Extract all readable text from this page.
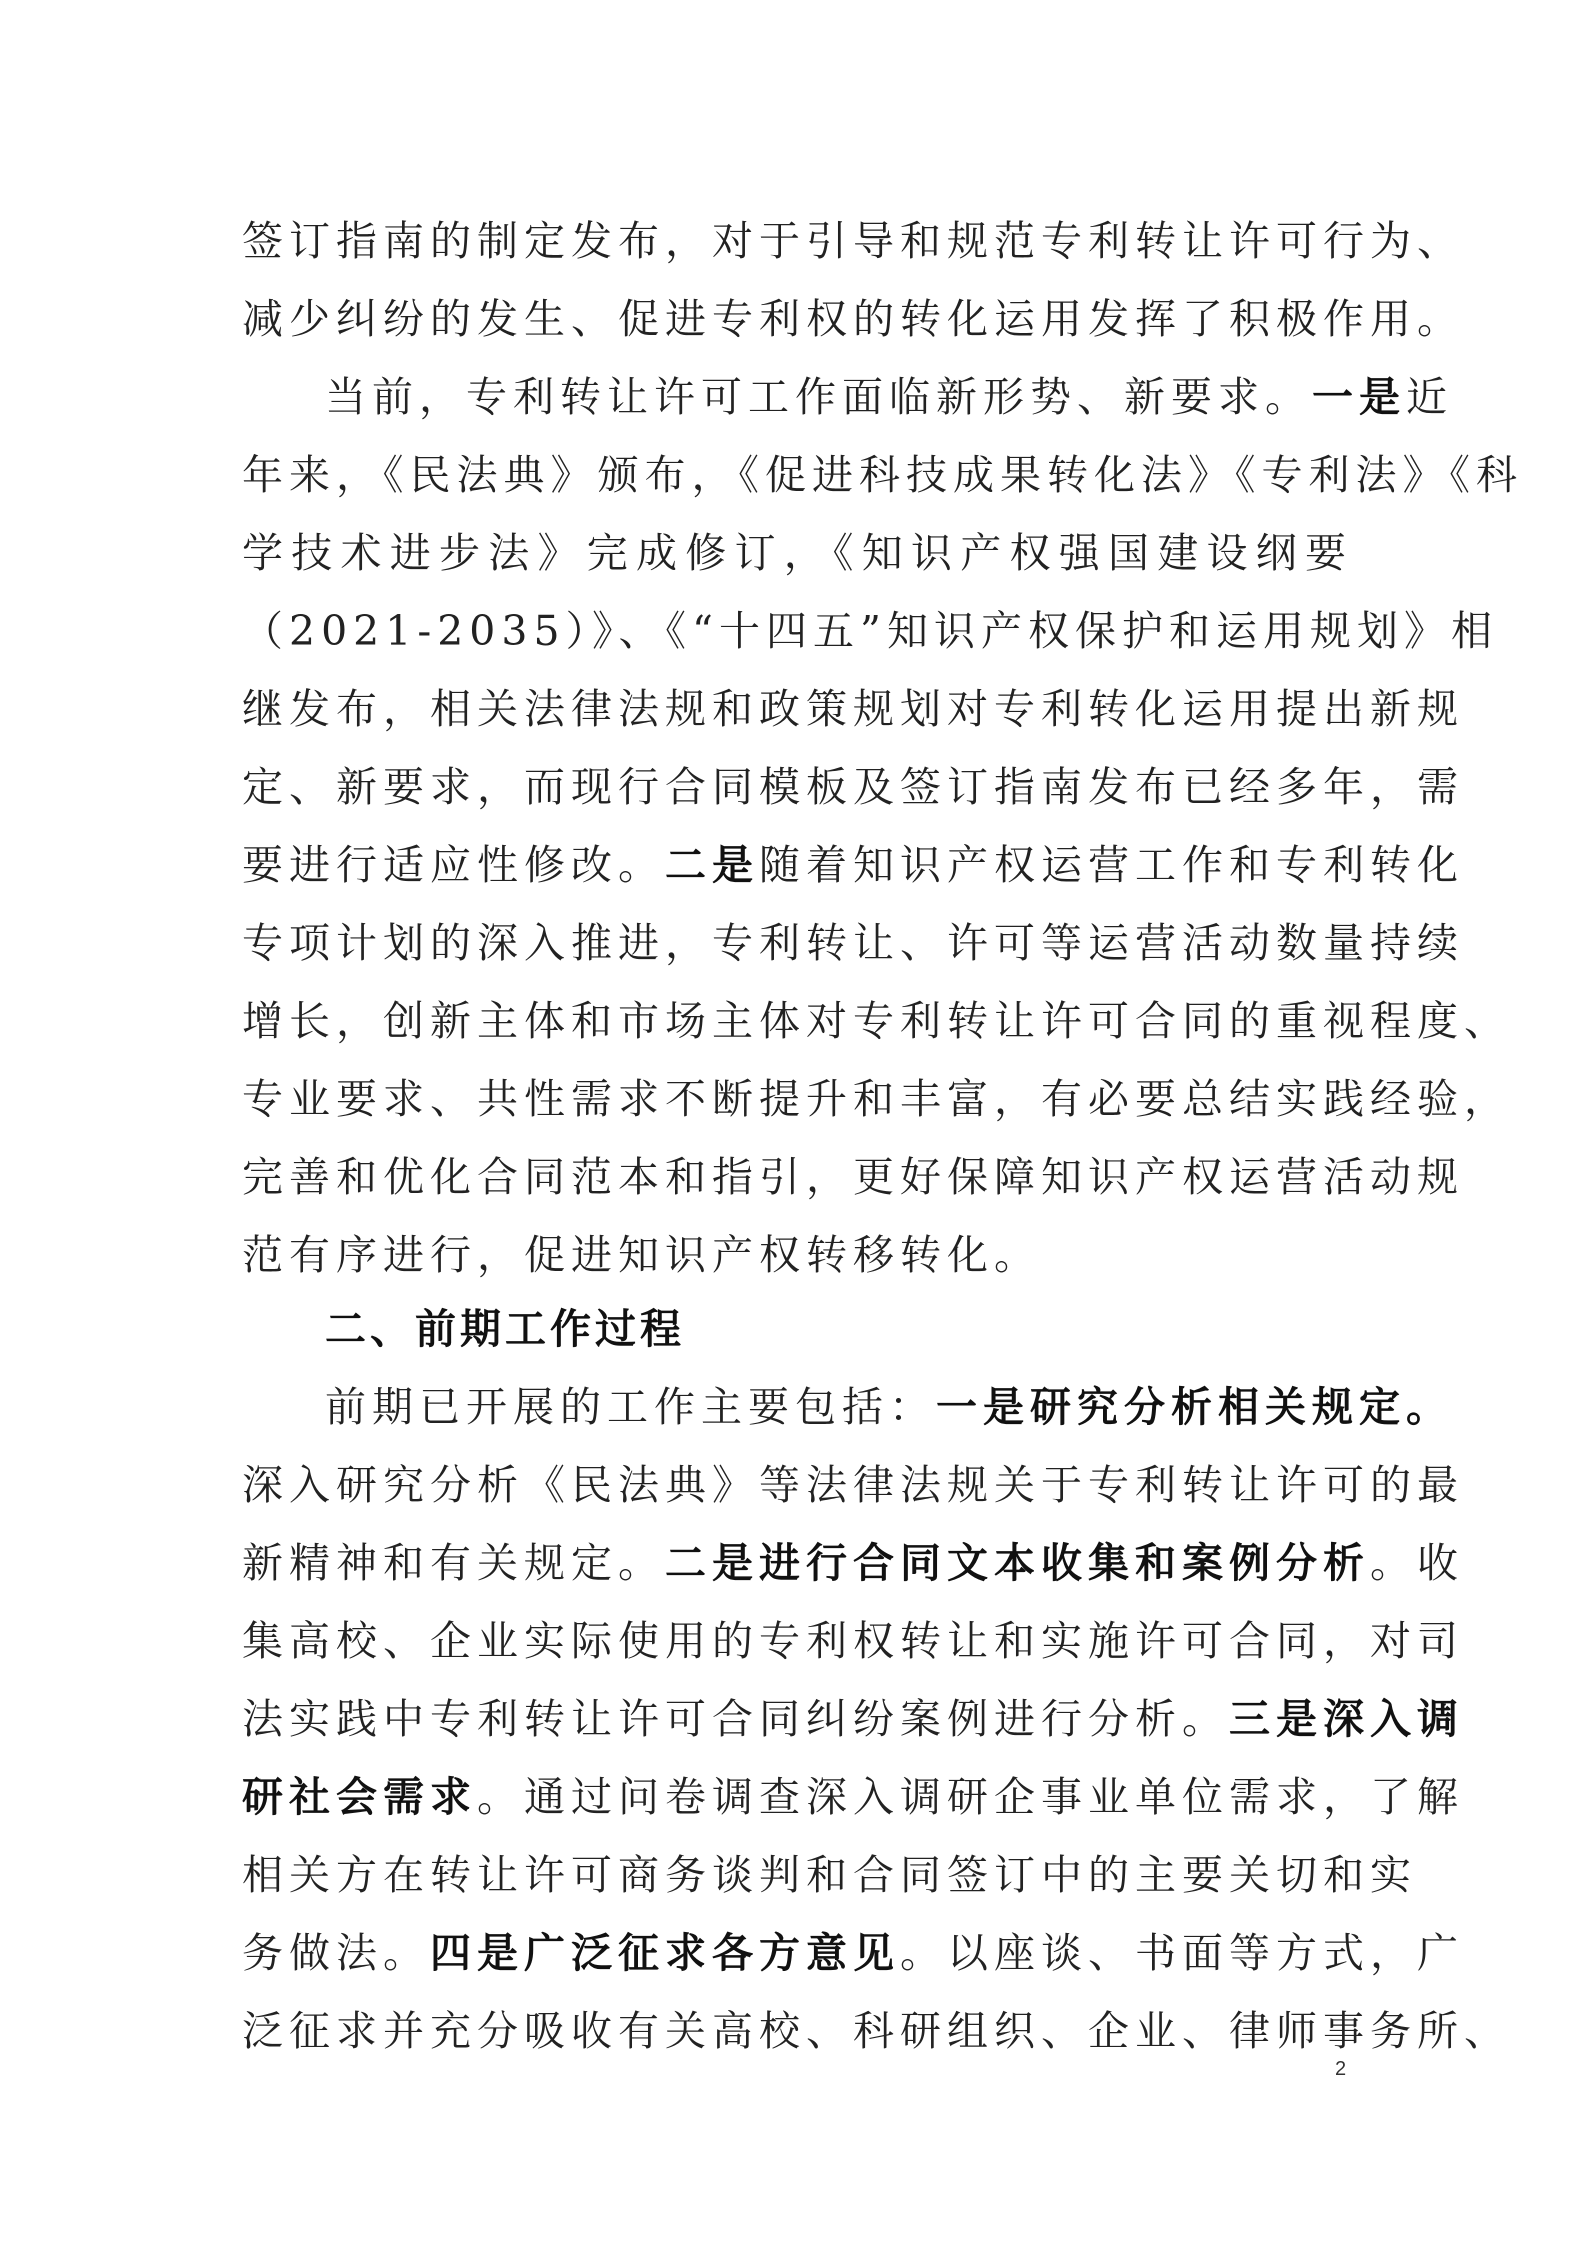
签订指南的制定发布，对于引导和规范专利转让许可行为、
减少纠纷的发生、促进专利权的转化运用发挥了积极作用。
当前，专利转让许可工作面临新形势、新要求。一是近
年来，《民法典》颁布，《促进科技成果转化法》《专利法》《科
学技术进步法》完成修订，《知识产权强国建设纲要
（2021-2035）》、《“十四五”知识产权保护和运用规划》相
继发布，相关法律法规和政策规划对专利转化运用提出新规
定、新要求，而现行合同模板及签订指南发布已经多年，需
要进行适应性修改。二是随着知识产权运营工作和专利转化
专项计划的深入推进，专利转让、许可等运营活动数量持续
增长，创新主体和市场主体对专利转让许可合同的重视程度、
专业要求、共性需求不断提升和丰富，有必要总结实践经验，
完善和优化合同范本和指引，更好保障知识产权运营活动规
范有序进行，促进知识产权转移转化。
前期已开展的工作主要包括：一是研究分析相关规定。
深入研究分析《民法典》等法律法规关于专利转让许可的最
新精神和有关规定。二是进行合同文本收集和案例分析。收
集高校、企业实际使用的专利权转让和实施许可合同，对司
法实践中专利转让许可合同纠纷案例进行分析。三是深入调
研社会需求。通过问卷调查深入调研企事业单位需求，了解
相关方在转让许可商务谈判和合同签订中的主要关切和实
务做法。四是广泛征求各方意见。以座谈、书面等方式，广
泛征求并充分吸收有关高校、科研组织、企业、律师事务所、
二、前期工作过程
2
